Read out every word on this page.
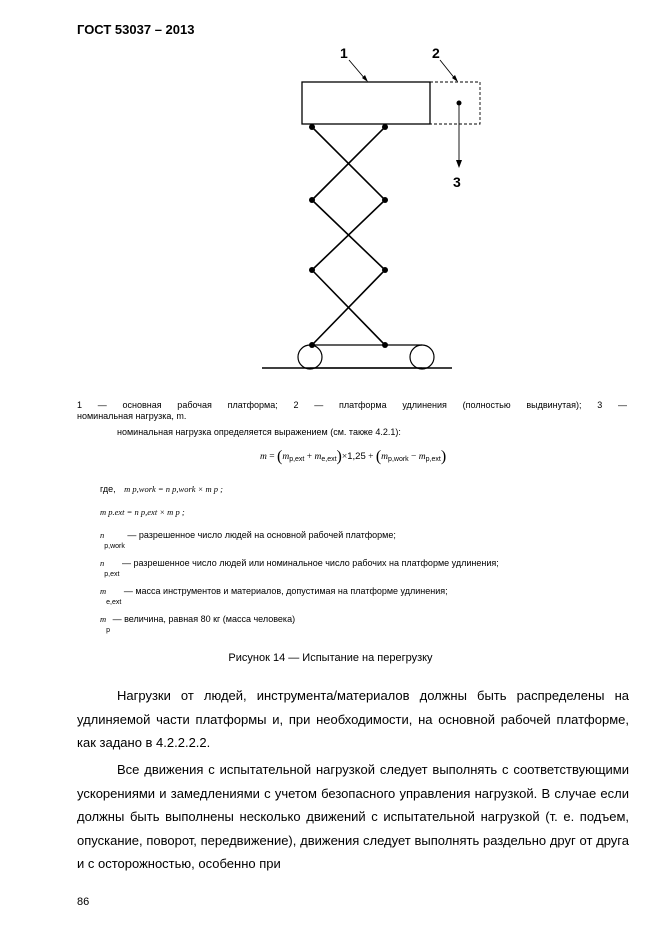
ГОСТ 53037 – 2013
1	2
3
1 — основная рабочая платформа; 2 — платформа удлинения (полностью выдвинутая); 3 —
номинальная нагрузка, m.
номинальная нагрузка определяется выражением (см. также 4.2.1):
$m = (m_{p,ext} + m_{e,ext})\times 1,25 + (m_{p,work} - m_{p,ext})$
где, m p,work = n p,work × m p ;
m p.ext = n p,ext × m p ;
$n_{p,work}$ — разрешенное число людей на основной рабочей платформе;
$n_{p,ext}$ — разрешенное число людей или номинальное число рабочих на платформе удлинения;
$m_{e,ext}$ — масса инструментов и материалов, допустимая на платформе удлинения;
$m_p$ — величина, равная 80 кг (масса человека)
Рисунок 14 — Испытание на перегрузку

Нагрузки от людей, инструмента/материалов должны быть распределены на удлиняемой части платформы и, при необходимости, на основной рабочей платформе, как задано в 4.2.2.2.2.

Все движения с испытательной нагрузкой следует выполнять с соответствующими ускорениями и замедлениями с учетом безопасного управления нагрузкой. В случае если должны быть выполнены несколько движений с испытательной нагрузкой (т. е. подъем, опускание, поворот, передвижение), движения следует выполнять раздельно друг от друга и с осторожностью, особенно при

86
